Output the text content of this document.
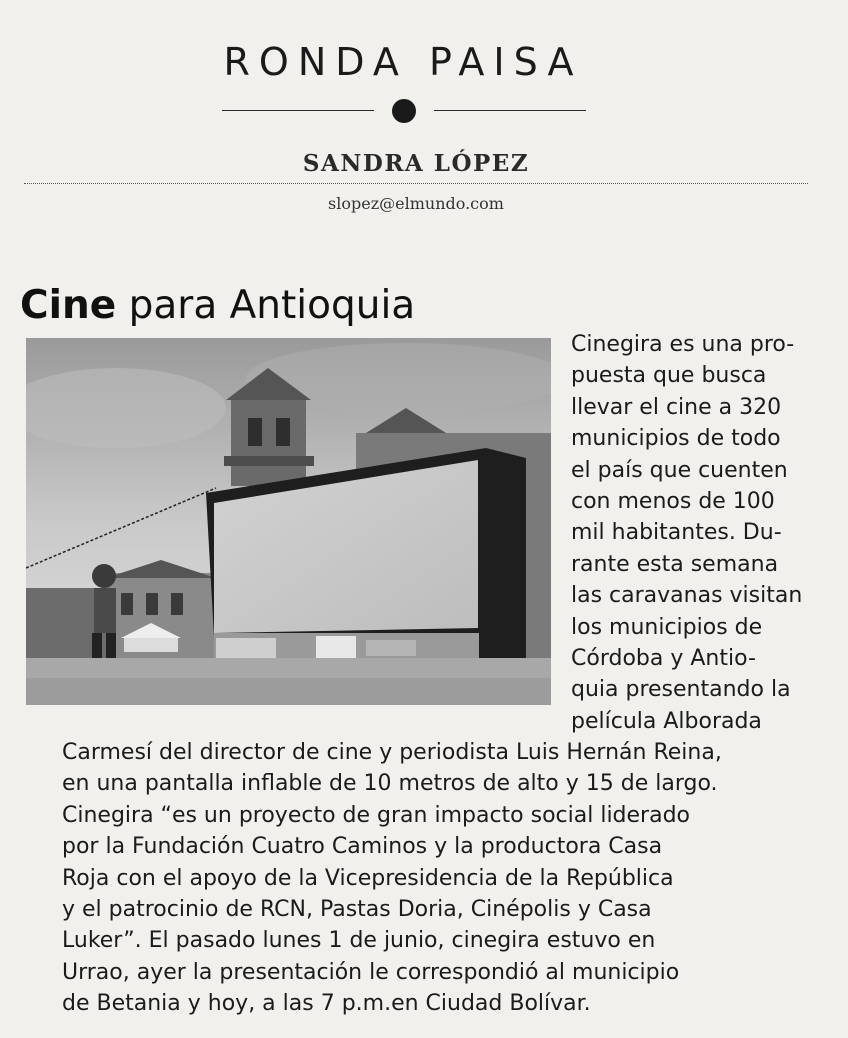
RONDA PAISA
SANDRA LÓPEZ
slopez@elmundo.com
Cine para Antioquia
Cinegira es una pro-
puesta que busca
llevar el cine a 320
municipios de todo
el país que cuenten
con menos de 100
mil habitantes. Du-
rante esta semana
las caravanas visitan
los municipios de
Córdoba y Antio-
quia presentando la
película Alborada
Carmesí del director de cine y periodista Luis Hernán Reina,
en una pantalla inflable de 10 metros de alto y 15 de largo.
Cinegira “es un proyecto de gran impacto social liderado
por la Fundación Cuatro Caminos y la productora Casa
Roja con el apoyo de la Vicepresidencia de la República
y el patrocinio de RCN, Pastas Doria, Cinépolis y Casa
Luker”. El pasado lunes 1 de junio, cinegira estuvo en
Urrao, ayer la presentación le correspondió al municipio
de Betania y hoy, a las 7 p.m.en Ciudad Bolívar.
